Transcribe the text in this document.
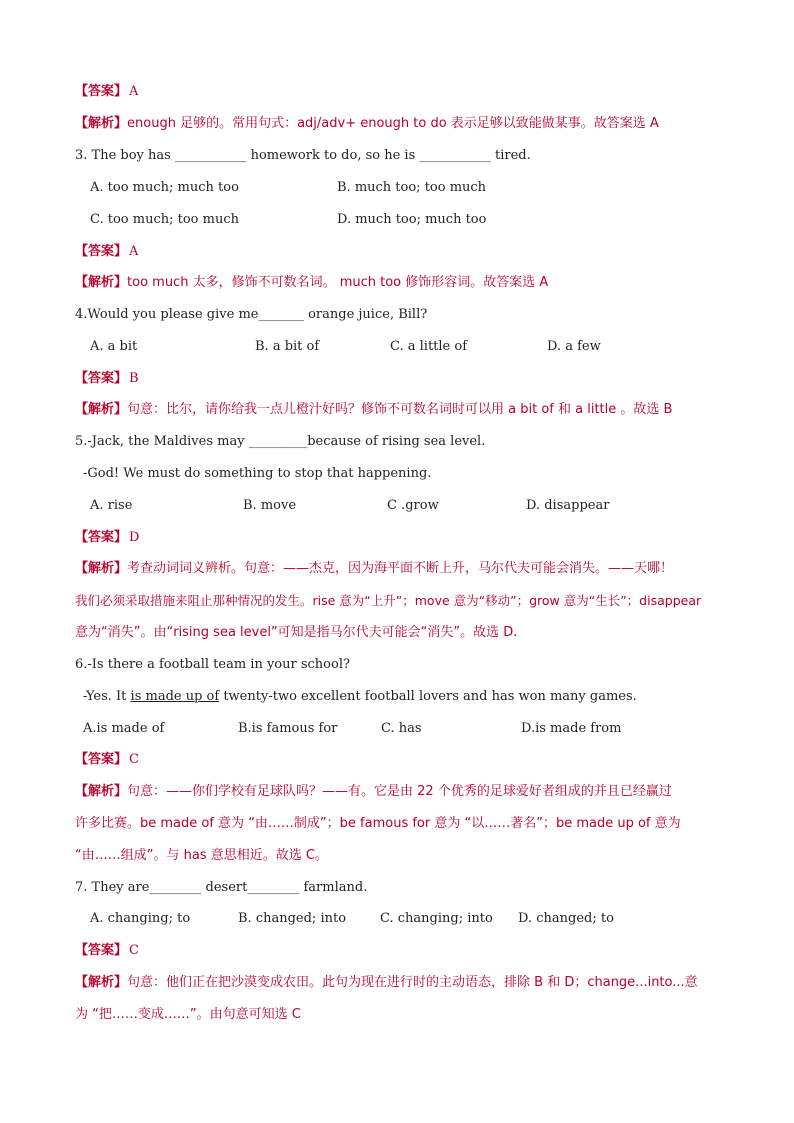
【答案】 A
【解析】enough 足够的。常用句式：adj/adv+ enough to do 表示足够以致能做某事。故答案选 A
3. The boy has ___________ homework to do, so he is ___________ tired.
A. too much; much too	B. much too; too much
C. too much; too much	D. much too; much too
【答案】 A
【解析】too much 太多，修饰不可数名词。 much too 修饰形容词。故答案选 A
4.Would you please give me_______ orange juice, Bill?
A. a bit	B. a bit of	C. a little of	D. a few
【答案】 B
【解析】句意：比尔，请你给我一点儿橙汁好吗？修饰不可数名词时可以用 a bit of 和 a little 。故选 B
5.-Jack, the Maldives may _________because of rising sea level.
-God! We must do something to stop that happening.
A. rise	B. move	C .grow	D. disappear
【答案】 D
【解析】考查动词词义辨析。句意：——杰克，因为海平面不断上升，马尔代夫可能会消失。——天哪！
我们必须采取措施来阻止那种情况的发生。rise 意为“上升”；move 意为“移动”；grow 意为“生长”；disappear
意为“消失”。由“rising sea level”可知是指马尔代夫可能会“消失”。故选 D.
6.-Is there a football team in your school?
-Yes. It is made up of twenty-two excellent football lovers and has won many games.
A.is made of	B.is famous for	C. has	D.is made from
【答案】 C
【解析】句意：——你们学校有足球队吗？——有。它是由 22 个优秀的足球爱好者组成的并且已经赢过
许多比赛。be made of 意为 “由……制成”；be famous for 意为 “以……著名”；be made up of 意为
“由……组成”。与 has 意思相近。故选 C。
7. They are________ desert________ farmland.
A. changing; to	B. changed; into	C. changing; into D. changed; to
【答案】 C
【解析】句意：他们正在把沙漠变成农田。此句为现在进行时的主动语态，排除 B 和 D；change...into...意
为 “把……变成……”。由句意可知选 C
